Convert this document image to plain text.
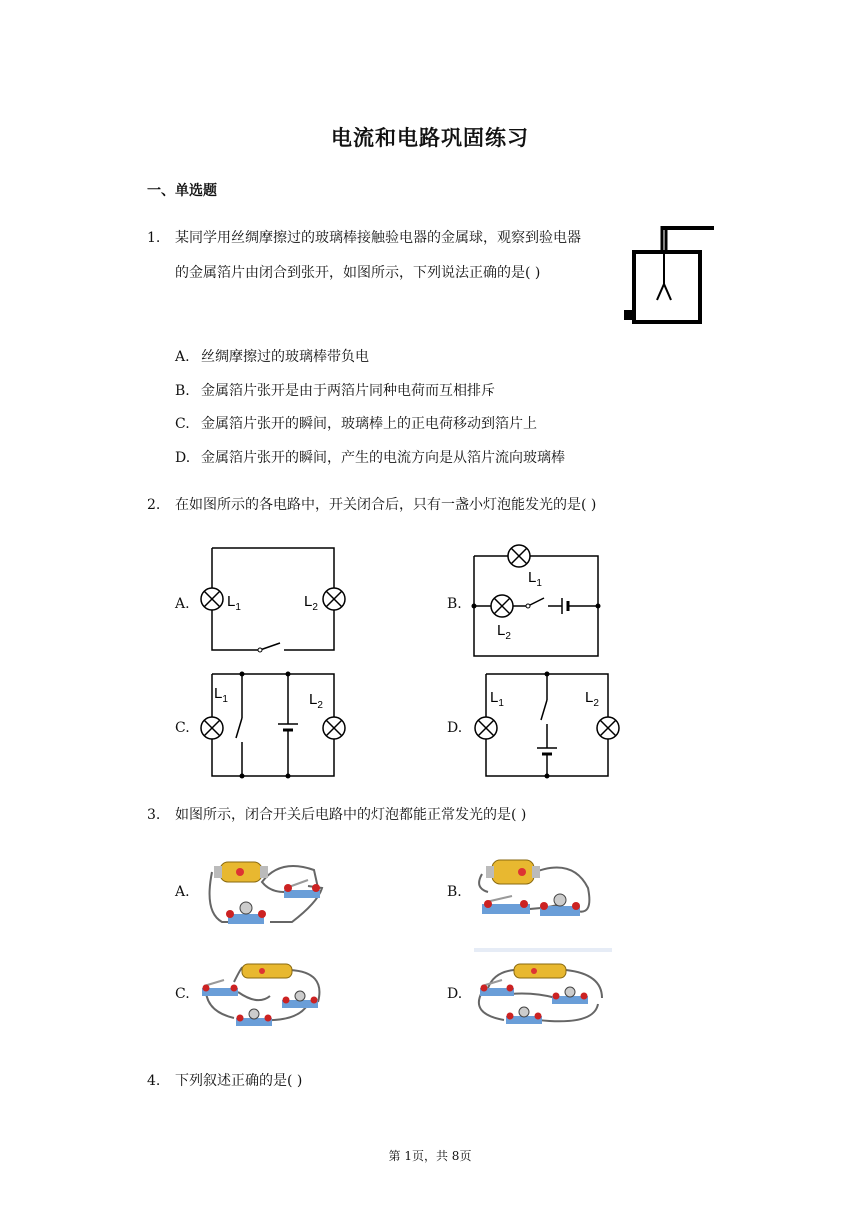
电流和电路巩固练习
一、单选题
1. 某同学用丝绸摩擦过的玻璃棒接触验电器的金属球，观察到验电器
的金属箔片由闭合到张开，如图所示，下列说法正确的是( )
A. 丝绸摩擦过的玻璃棒带负电
B. 金属箔片张开是由于两箔片同种电荷而互相排斥
C. 金属箔片张开的瞬间，玻璃棒上的正电荷移动到箔片上
D. 金属箔片张开的瞬间，产生的电流方向是从箔片流向玻璃棒
2. 在如图所示的各电路中，开关闭合后，只有一盏小灯泡能发光的是( )
A.	B.
C.	D.
$L_1$	$L_2$
$L_1$
$L_2$
$L_1$	$L_2$	$L_1$	$L_2$
3. 如图所示，闭合开关后电路中的灯泡都能正常发光的是( )
A.	B.
C.	D.
4. 下列叙述正确的是( )
第 1页，共 8页
